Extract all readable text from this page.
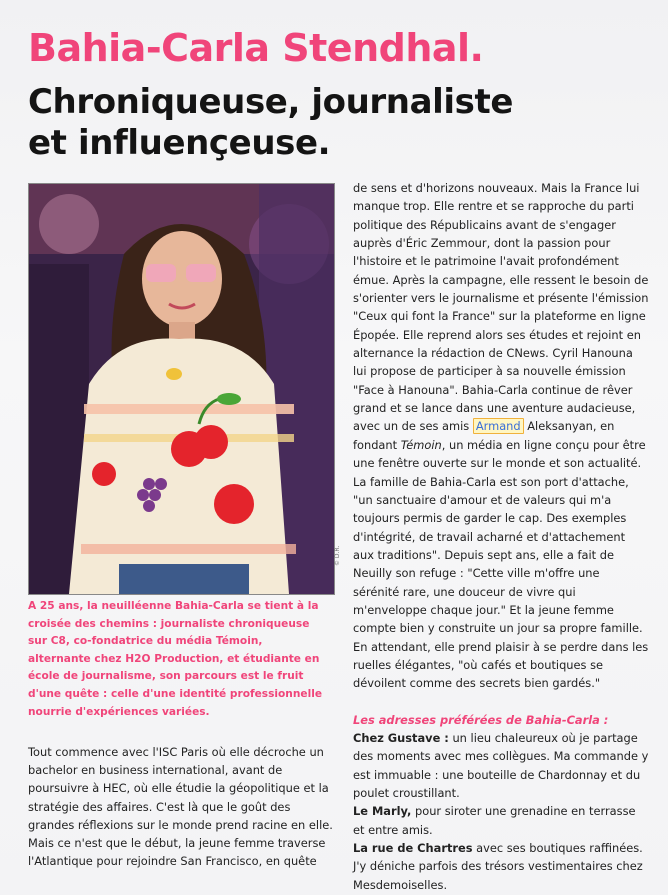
Bahia-Carla Stendhal.
Chroniqueuse, journaliste
et influençeuse.
© D.R.

A 25 ans, la neuilléenne Bahia-Carla se tient à la croisée des chemins : journaliste chroniqueuse sur C8, co-fondatrice du média Témoin, alternante chez H2O Production, et étudiante en école de journalisme, son parcours est le fruit d'une quête : celle d'une identité professionnelle nourrie d'expériences variées.

Tout commence avec l'ISC Paris où elle décroche un bachelor en business international, avant de poursuivre à HEC, où elle étudie la géopolitique et la stratégie des affaires. C'est là que le goût des grandes réflexions sur le monde prend racine en elle. Mais ce n'est que le début, la jeune femme traverse l'Atlantique pour rejoindre San Francisco, en quête

de sens et d'horizons nouveaux. Mais la France lui manque trop. Elle rentre et se rapproche du parti politique des Républicains avant de s'engager auprès d'Éric Zemmour, dont la passion pour l'histoire et le patrimoine l'avait profondément émue. Après la campagne, elle ressent le besoin de s'orienter vers le journalisme et présente l'émission "Ceux qui font la France" sur la plateforme en ligne Épopée. Elle reprend alors ses études et rejoint en alternance la rédaction de CNews. Cyril Hanouna lui propose de participer à sa nouvelle émission "Face à Hanouna". Bahia-Carla continue de rêver grand et se lance dans une aventure audacieuse, avec un de ses amis Armand Aleksanyan, en fondant Témoin, un média en ligne conçu pour être une fenêtre ouverte sur le monde et son actualité.

La famille de Bahia-Carla est son port d'attache, "un sanctuaire d'amour et de valeurs qui m'a toujours permis de garder le cap. Des exemples d'intégrité, de travail acharné et d'attachement aux traditions". Depuis sept ans, elle a fait de Neuilly son refuge : "Cette ville m'offre une sérénité rare, une douceur de vivre qui m'enveloppe chaque jour." Et la jeune femme compte bien y construite un jour sa propre famille. En attendant, elle prend plaisir à se perdre dans les ruelles élégantes, "où cafés et boutiques se dévoilent comme des secrets bien gardés."

Les adresses préférées de Bahia-Carla :

Chez Gustave : un lieu chaleureux où je partage des moments avec mes collègues. Ma commande y est immuable : une bouteille de Chardonnay et du poulet croustillant.

Le Marly, pour siroter une grenadine en terrasse et entre amis.

La rue de Chartres avec ses boutiques raffinées. J'y déniche parfois des trésors vestimentaires chez Mesdemoiselles.
